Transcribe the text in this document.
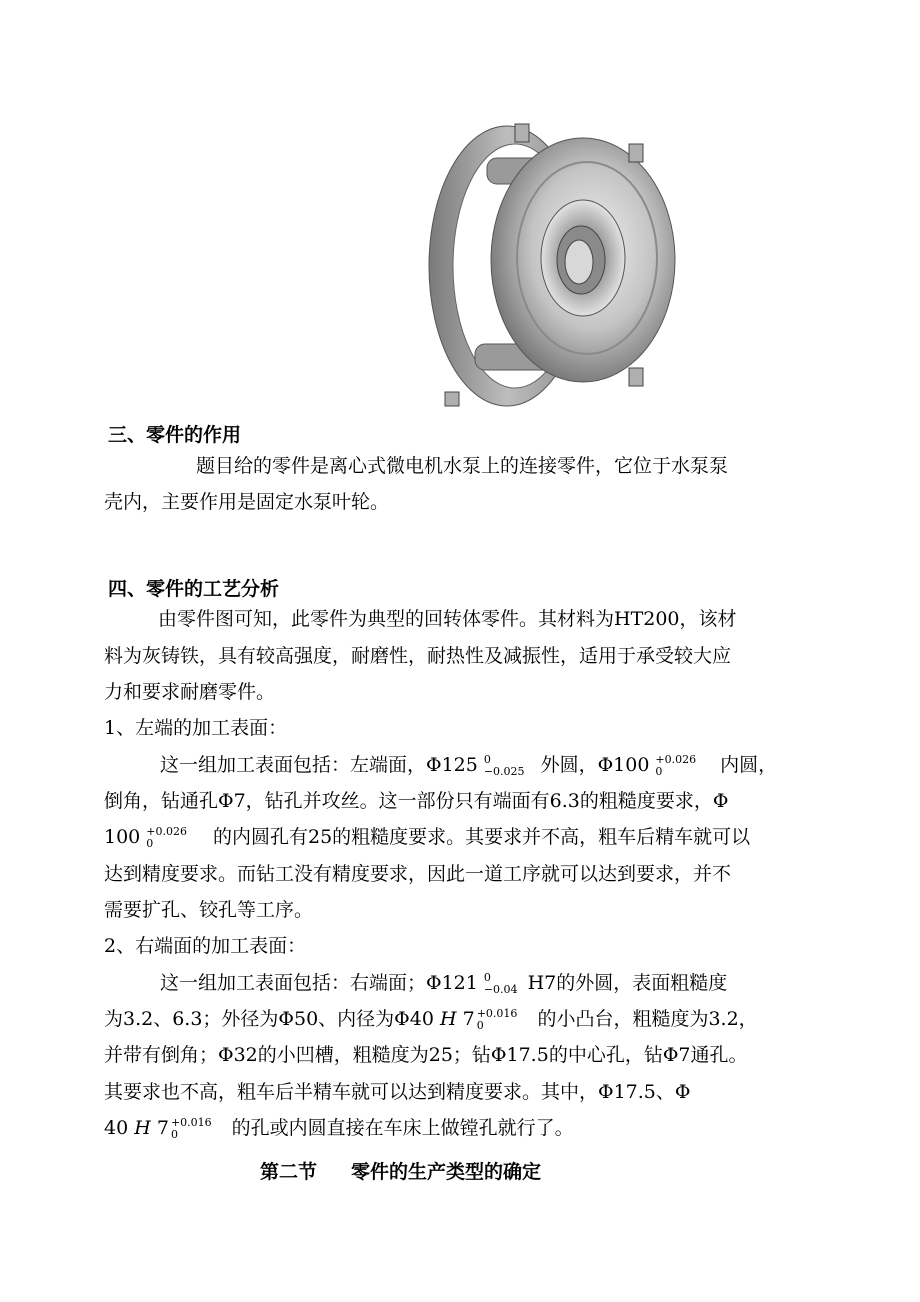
三、零件的作用
题目给的零件是离心式微电机水泵上的连接零件，它位于水泵泵
壳内，主要作用是固定水泵叶轮。
四、零件的工艺分析
由零件图可知，此零件为典型的回转体零件。其材料为HT200，该材
料为灰铸铁，具有较高强度，耐磨性，耐热性及减振性，适用于承受较大应
力和要求耐磨零件。
1、左端的加工表面：
这一组加工表面包括：左端面，Φ125 0
−0.025 外圆，Φ100 +0.026
0	内圆，
倒角，钻通孔Φ7，钻孔并攻丝。这一部份只有端面有6.3的粗糙度要求，Φ
100 +0.026
0	的内圆孔有25的粗糙度要求。其要求并不高，粗车后精车就可以
达到精度要求。而钻工没有精度要求，因此一道工序就可以达到要求，并不
需要扩孔、铰孔等工序。
2、右端面的加工表面：
这一组加工表面包括：右端面；Φ121 0
−0.04 H7的外圆，表面粗糙度
为3.2、6.3；外径为Φ50、内径为Φ40 H 7 +0.016
0	的小凸台，粗糙度为3.2，
并带有倒角；Φ32的小凹槽，粗糙度为25；钻Φ17.5的中心孔，钻Φ7通孔。
其要求也不高，粗车后半精车就可以达到精度要求。其中，Φ17.5、Φ
40 H 7 +0.016
0	的孔或内圆直接在车床上做镗孔就行了。
第二节 零件的生产类型的确定
